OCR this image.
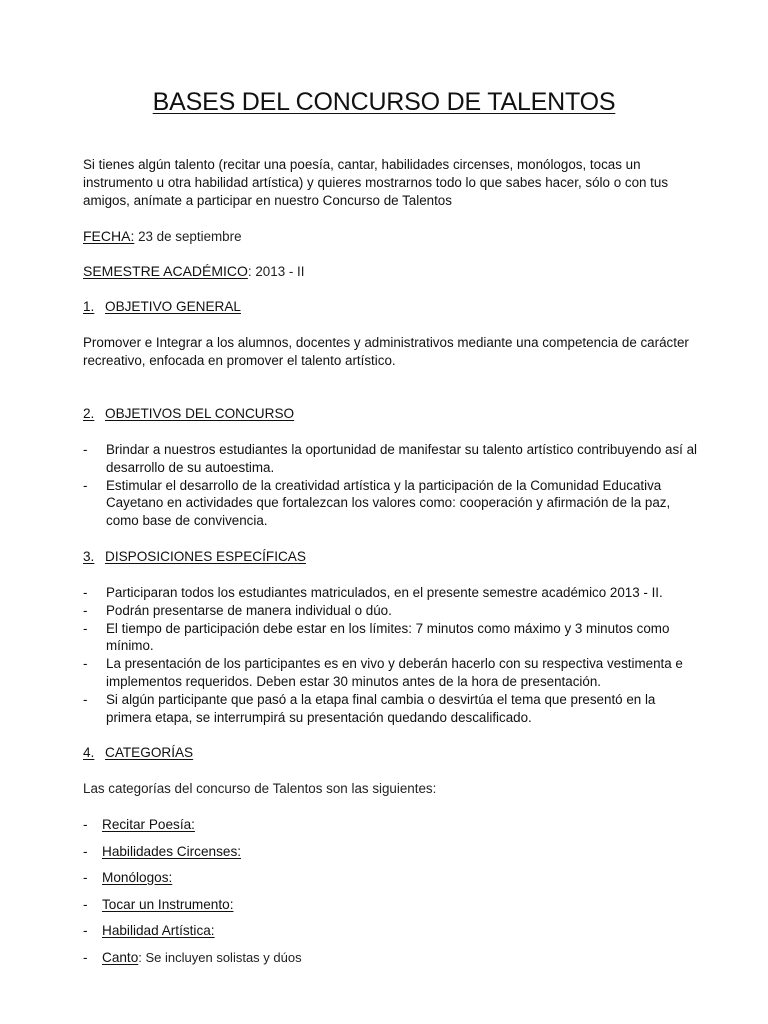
BASES DEL CONCURSO DE TALENTOS

Si tienes algún talento (recitar una poesía, cantar, habilidades circenses, monólogos, tocas un instrumento u otra habilidad artística) y quieres mostrarnos todo lo que sabes hacer, sólo o con tus amigos, anímate a participar en nuestro Concurso de Talentos

FECHA: 23 de septiembre
SEMESTRE ACADÉMICO: 2013 - II
1. OBJETIVO GENERAL

Promover e Integrar a los alumnos, docentes y administrativos mediante una competencia de carácter recreativo, enfocada en promover el talento artístico.

2. OBJETIVOS DEL CONCURSO
- Brindar a nuestros estudiantes la oportunidad de manifestar su talento artístico contribuyendo así al desarrollo de su autoestima.
- Estimular el desarrollo de la creatividad artística y la participación de la Comunidad Educativa Cayetano en actividades que fortalezcan los valores como: cooperación y afirmación de la paz, como base de convivencia.
3. DISPOSICIONES ESPECÍFICAS
- Participaran todos los estudiantes matriculados, en el presente semestre académico 2013 - II.
- Podrán presentarse de manera individual o dúo.
- El tiempo de participación debe estar en los límites: 7 minutos como máximo y 3 minutos como mínimo.
- La presentación de los participantes es en vivo y deberán hacerlo con su respectiva vestimenta e implementos requeridos. Deben estar 30 minutos antes de la hora de presentación.
- Si algún participante que pasó a la etapa final cambia o desvirtúa el tema que presentó en la primera etapa, se interrumpirá su presentación quedando descalificado.
4. CATEGORÍAS

Las categorías del concurso de Talentos son las siguientes:

- Recitar Poesía:
- Habilidades Circenses:
- Monólogos:
- Tocar un Instrumento:
- Habilidad Artística:
- Canto: Se incluyen solistas y dúos
